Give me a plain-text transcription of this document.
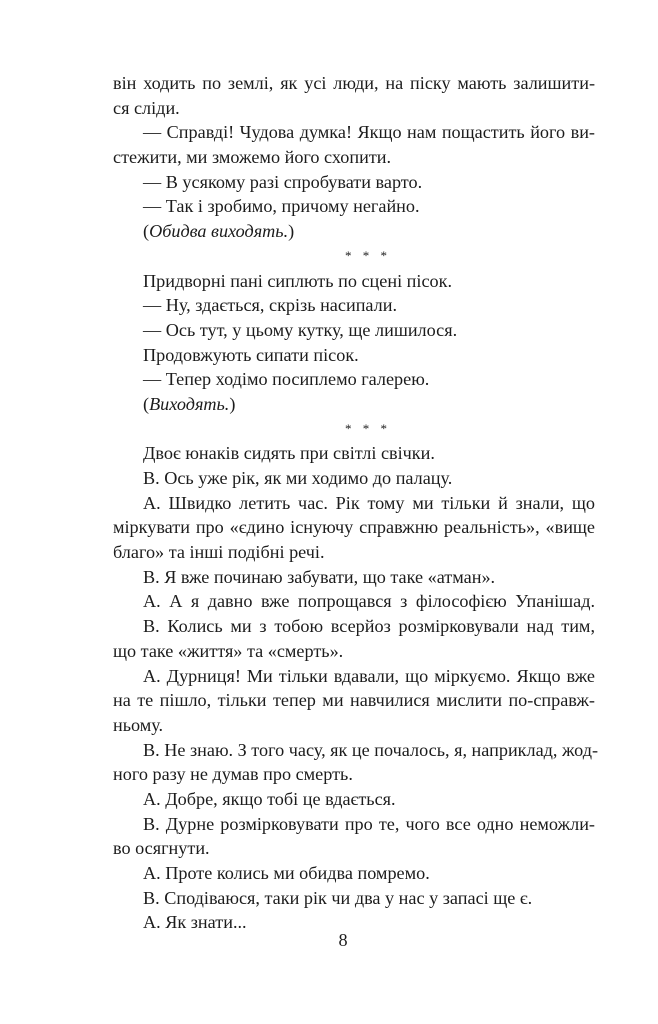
він ходить по землі, як усі люди, на піску мають залишити-
ся сліди.
— Справді! Чудова думка! Якщо нам пощастить його ви-
стежити, ми зможемо його схопити.
— В усякому разі спробувати варто.
— Так і зробимо, причому негайно.
(Обидва виходять.)
* * *
Придворні пані сиплють по сцені пісок.
— Ну, здається, скрізь насипали.
— Ось тут, у цьому кутку, ще лишилося.
Продовжують сипати пісок.
— Тепер ходімо посиплемо галерею.
(Виходять.)
* * *
Двоє юнаків сидять при світлі свічки.
В. Ось уже рік, як ми ходимо до палацу.
А. Швидко летить час. Рік тому ми тільки й знали, що
міркувати про «єдино існуючу справжню реальність», «вище
благо» та інші подібні речі.
В. Я вже починаю забувати, що таке «атман».
А. А я давно вже попрощався з філософією Упанішад.
В. Колись ми з тобою всерйоз розмірковували над тим,
що таке «життя» та «смерть».
А. Дурниця! Ми тільки вдавали, що міркуємо. Якщо вже
на те пішло, тільки тепер ми навчилися мислити по-справж-
ньому.
В. Не знаю. З того часу, як це почалось, я, наприклад, жод-
ного разу не думав про смерть.
А. Добре, якщо тобі це вдається.
В. Дурне розмірковувати про те, чого все одно неможли-
во осягнути.
А. Проте колись ми обидва помремо.
В. Сподіваюся, таки рік чи два у нас у запасі ще є.
А. Як знати...
8
